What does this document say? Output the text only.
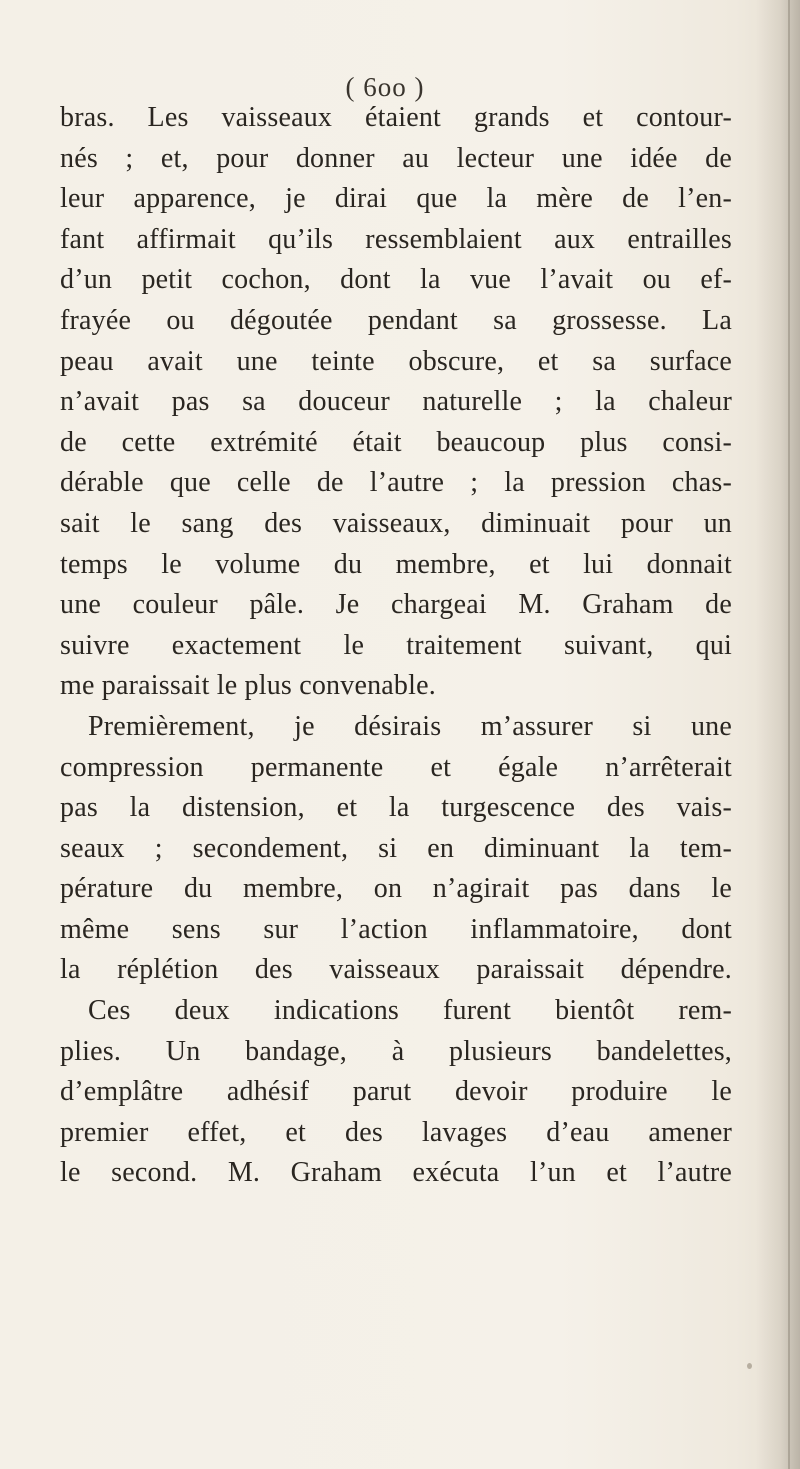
( 6oo )
bras. Les vaisseaux étaient grands et contour-
nés ; et, pour donner au lecteur une idée de
leur apparence, je dirai que la mère de l’en-
fant affirmait qu’ils ressemblaient aux entrailles
d’un petit cochon, dont la vue l’avait ou ef-
frayée ou dégoutée pendant sa grossesse. La
peau avait une teinte obscure, et sa surface
n’avait pas sa douceur naturelle ; la chaleur
de cette extrémité était beaucoup plus consi-
dérable que celle de l’autre ; la pression chas-
sait le sang des vaisseaux, diminuait pour un
temps le volume du membre, et lui donnait
une couleur pâle. Je chargeai M. Graham de
suivre exactement le traitement suivant, qui
me paraissait le plus convenable.
Premièrement, je désirais m’assurer si une
compression permanente et égale n’arrêterait
pas la distension, et la turgescence des vais-
seaux ; secondement, si en diminuant la tem-
pérature du membre, on n’agirait pas dans le
même sens sur l’action inflammatoire, dont
la réplétion des vaisseaux paraissait dépendre.
Ces deux indications furent bientôt rem-
plies. Un bandage, à plusieurs bandelettes,
d’emplâtre adhésif parut devoir produire le
premier effet, et des lavages d’eau amener
le second. M. Graham exécuta l’un et l’autre
